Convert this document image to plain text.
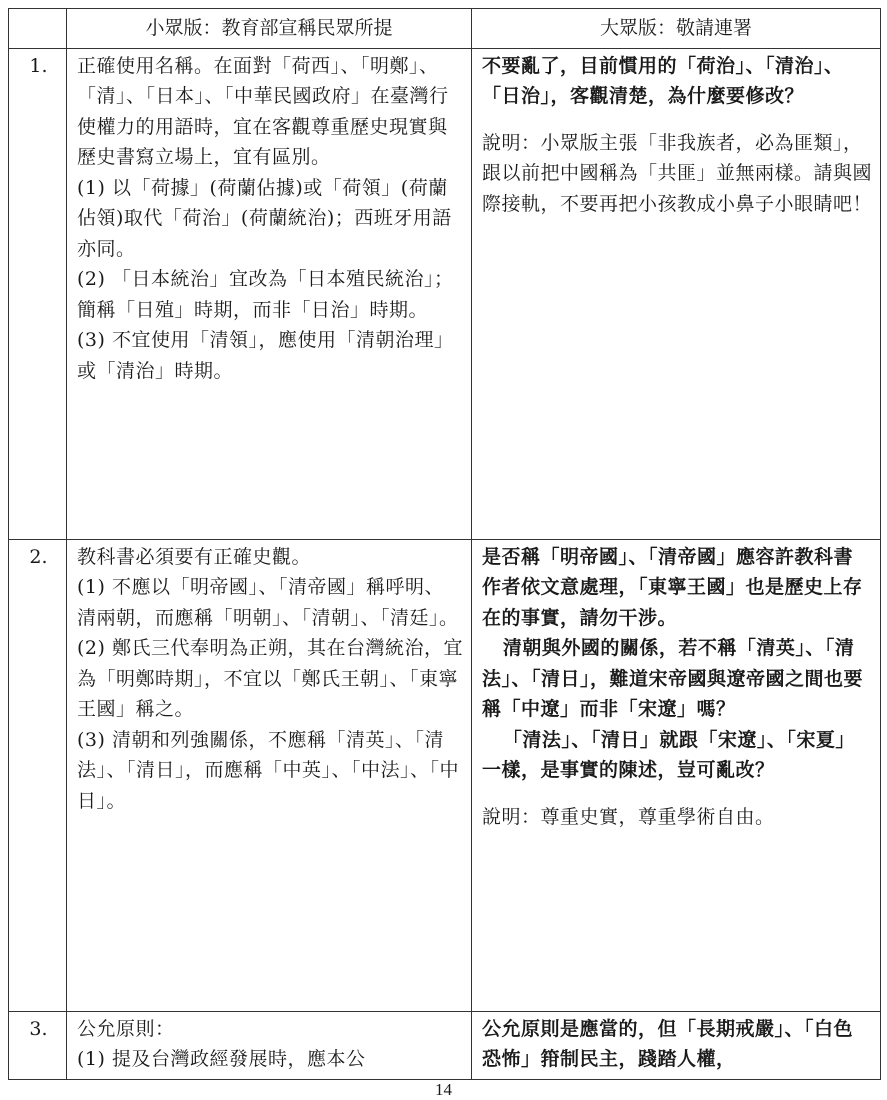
	小眾版：教育部宣稱民眾所提	大眾版：敬請連署
1.	正確使用名稱。在面對「荷西」、「明鄭」、「清」、「日本」、「中華民國政府」在臺灣行使權力的用語時，宜在客觀尊重歷史現實與歷史書寫立場上，宜有區別。
(1) 以「荷據」(荷蘭佔據)或「荷領」(荷蘭佔領)取代「荷治」(荷蘭統治)；西班牙用語亦同。
(2) 「日本統治」宜改為「日本殖民統治」；簡稱「日殖」時期，而非「日治」時期。
(3) 不宜使用「清領」，應使用「清朝治理」或「清治」時期。	不要亂了，目前慣用的「荷治」、「清治」、「日治」，客觀清楚，為什麼要修改？
說明：小眾版主張「非我族者，必為匪類」，跟以前把中國稱為「共匪」並無兩樣。請與國際接軌，不要再把小孩教成小鼻子小眼睛吧！

2.	教科書必須要有正確史觀。
(1) 不應以「明帝國」、「清帝國」稱呼明、清兩朝，而應稱「明朝」、「清朝」、「清廷」。
(2) 鄭氏三代奉明為正朔，其在台灣統治，宜為「明鄭時期」，不宜以「鄭氏王朝」、「東寧王國」稱之。
(3) 清朝和列強關係，不應稱「清英」、「清法」、「清日」，而應稱「中英」、「中法」、「中日」。	是否稱「明帝國」、「清帝國」應容許教科書作者依文意處理，「東寧王國」也是歷史上存在的事實，請勿干涉。
清朝與外國的關係，若不稱「清英」、「清法」、「清日」，難道宋帝國與遼帝國之間也要稱「中遼」而非「宋遼」嗎？
「清法」、「清日」就跟「宋遼」、「宋夏」一樣，是事實的陳述，豈可亂改？
說明：尊重史實，尊重學術自由。

3.	公允原則：
(1) 提及台灣政經發展時，應本公	公允原則是應當的，但「長期戒嚴」、「白色恐怖」箝制民主，踐踏人權，
14
